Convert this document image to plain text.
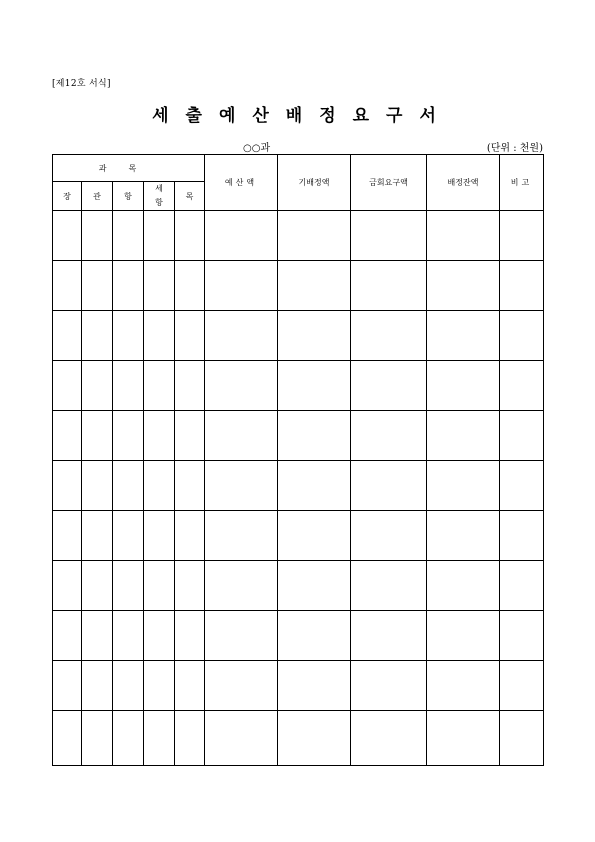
[제12호 서식]
세출예산배정요구서
○○과	(단위 : 천원)
과목					예산액	기배정액	금회요구액	배정잔액	비고
장	관	항	세항	목					
